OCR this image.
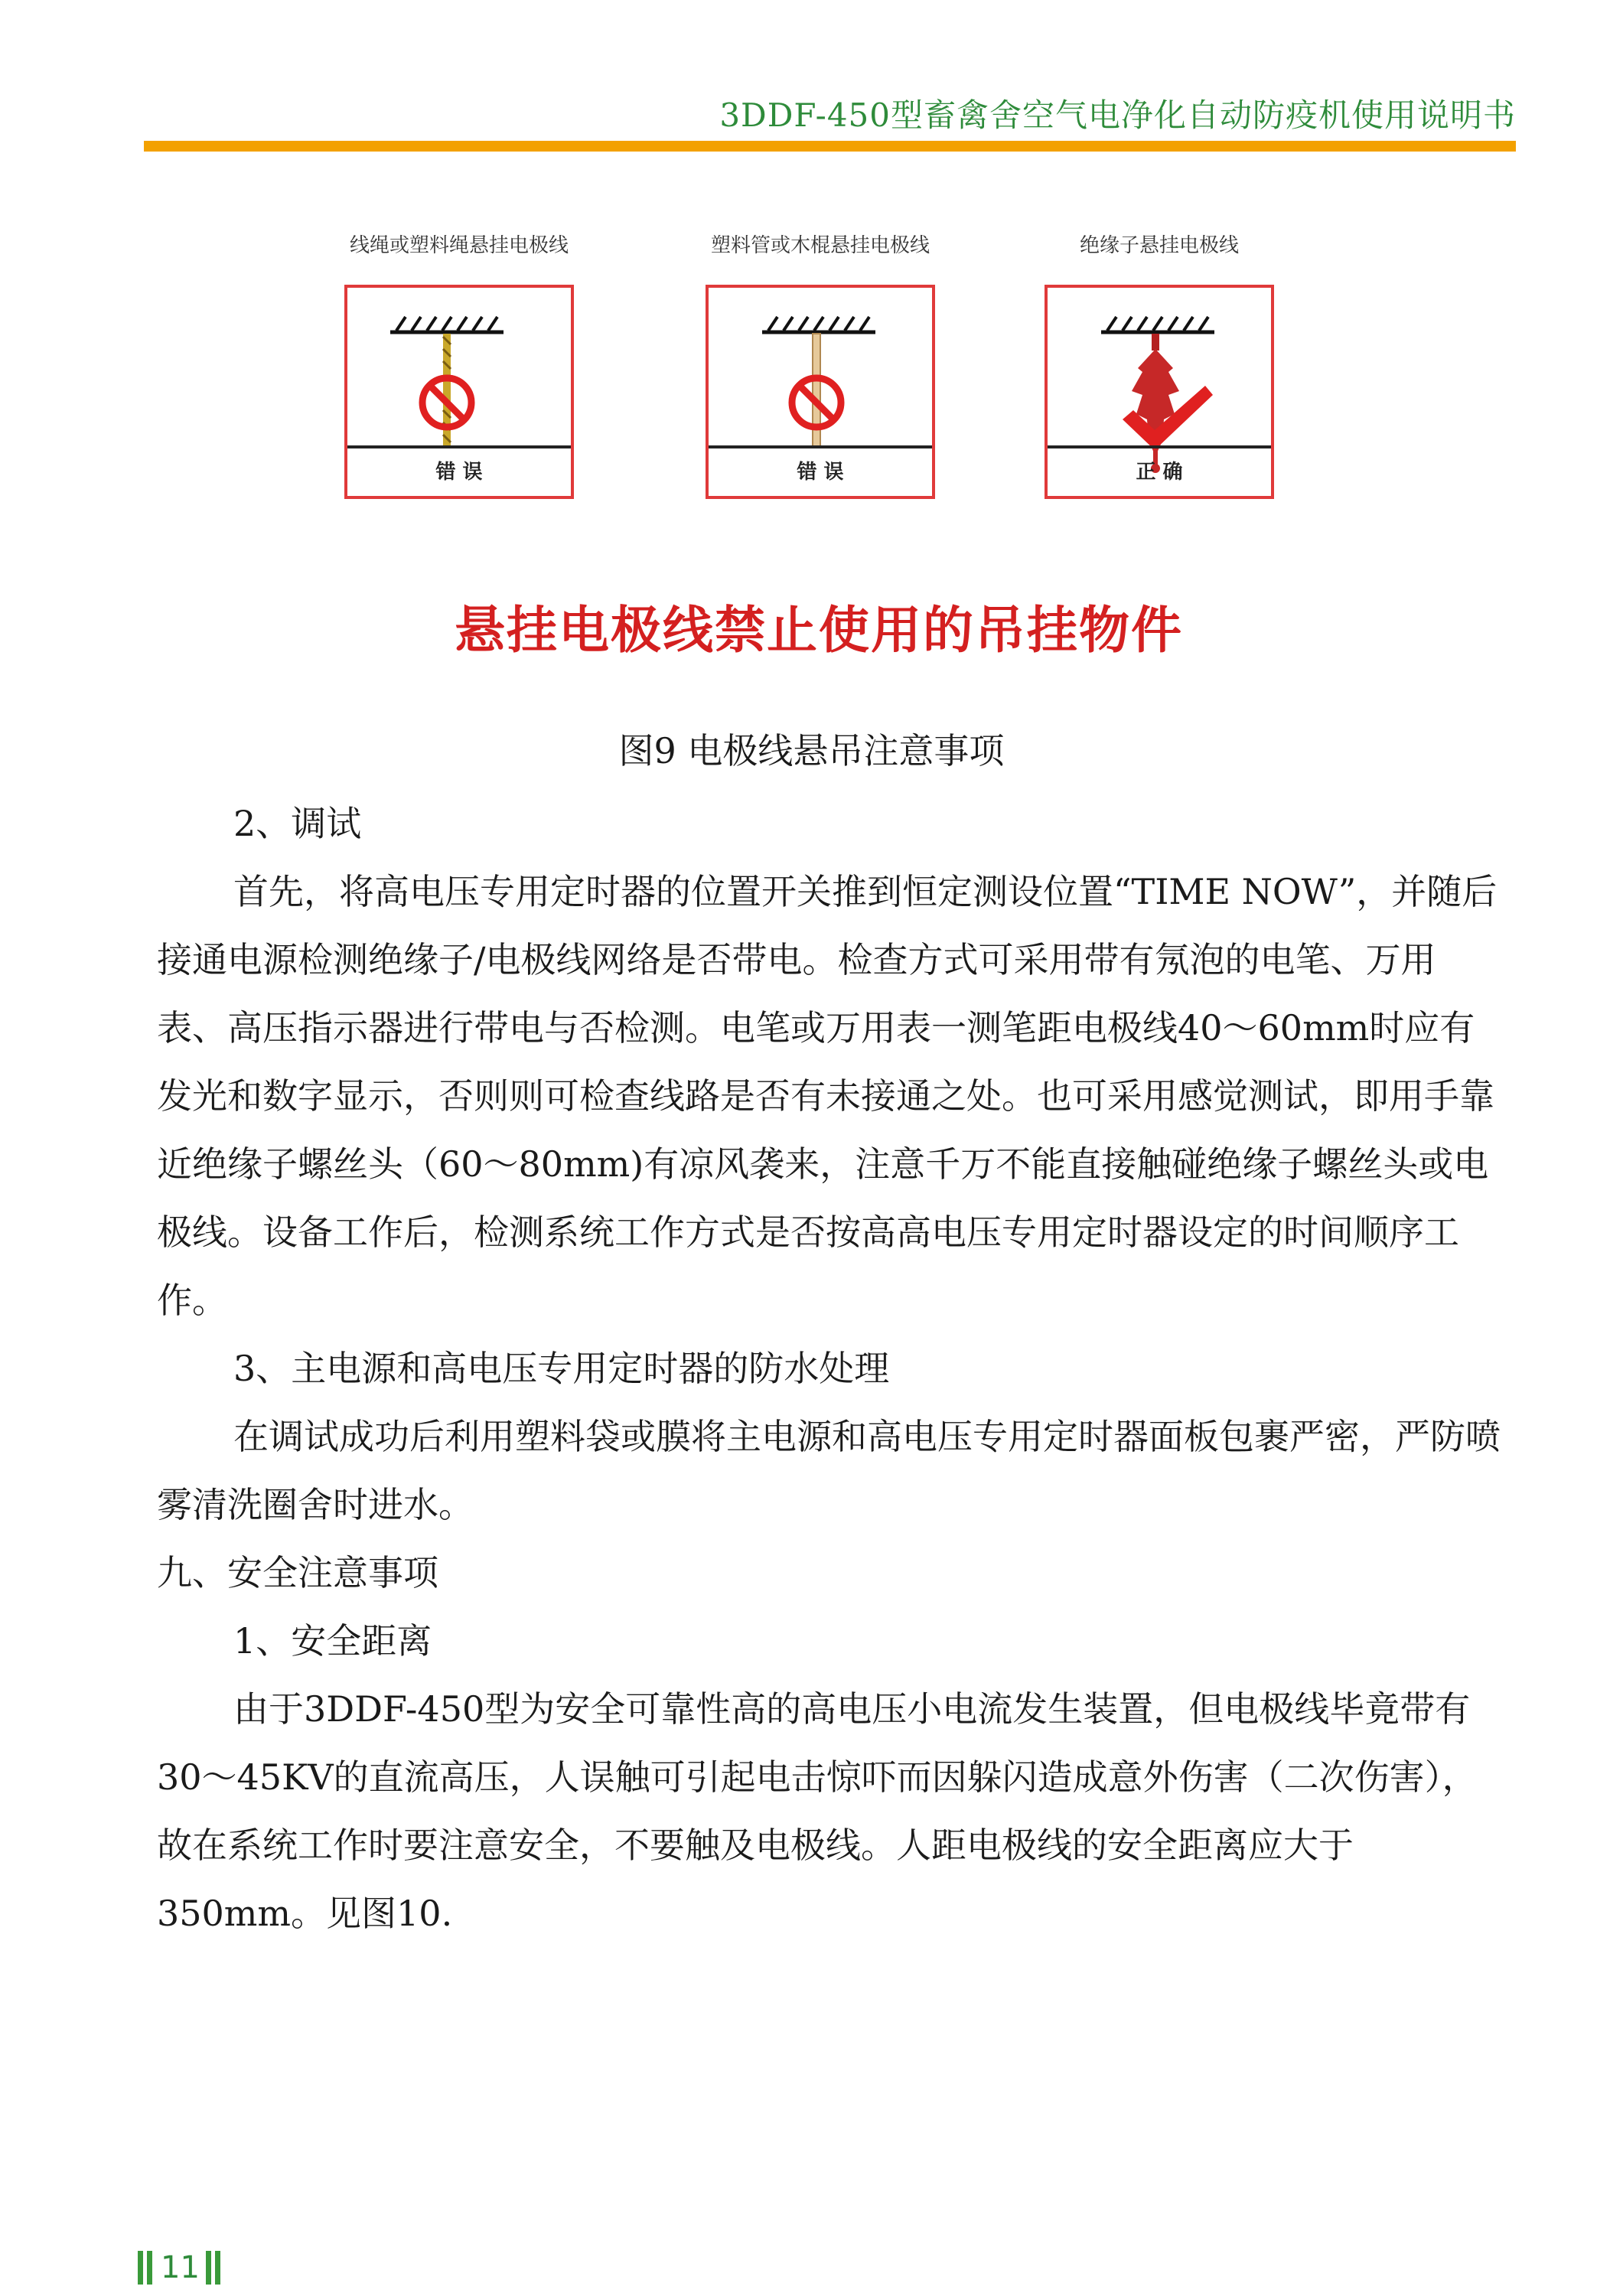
3DDF-450型畜禽舍空气电净化自动防疫机使用说明书
线绳或塑料绳悬挂电极线
错 误
塑料管或木棍悬挂电极线
错 误
绝缘子悬挂电极线
正 确
悬挂电极线禁止使用的吊挂物件
图9 电极线悬吊注意事项

2、调试

首先，将高电压专用定时器的位置开关推到恒定测设位置“TIME NOW”，并随后接通电源检测绝缘子/电极线网络是否带电。检查方式可采用带有氖泡的电笔、万用表、高压指示器进行带电与否检测。电笔或万用表一测笔距电极线40～60mm时应有发光和数字显示，否则则可检查线路是否有未接通之处。也可采用感觉测试，即用手靠近绝缘子螺丝头（60～80mm)有凉风袭来，注意千万不能直接触碰绝缘子螺丝头或电极线。设备工作后，检测系统工作方式是否按高高电压专用定时器设定的时间顺序工作。

3、主电源和高电压专用定时器的防水处理

在调试成功后利用塑料袋或膜将主电源和高电压专用定时器面板包裹严密，严防喷雾清洗圈舍时进水。

九、安全注意事项

1、安全距离

由于3DDF-450型为安全可靠性高的高电压小电流发生装置，但电极线毕竟带有30～45KV的直流高压，人误触可引起电击惊吓而因躲闪造成意外伤害（二次伤害），故在系统工作时要注意安全，不要触及电极线。人距电极线的安全距离应大于350mm。见图10.

11
